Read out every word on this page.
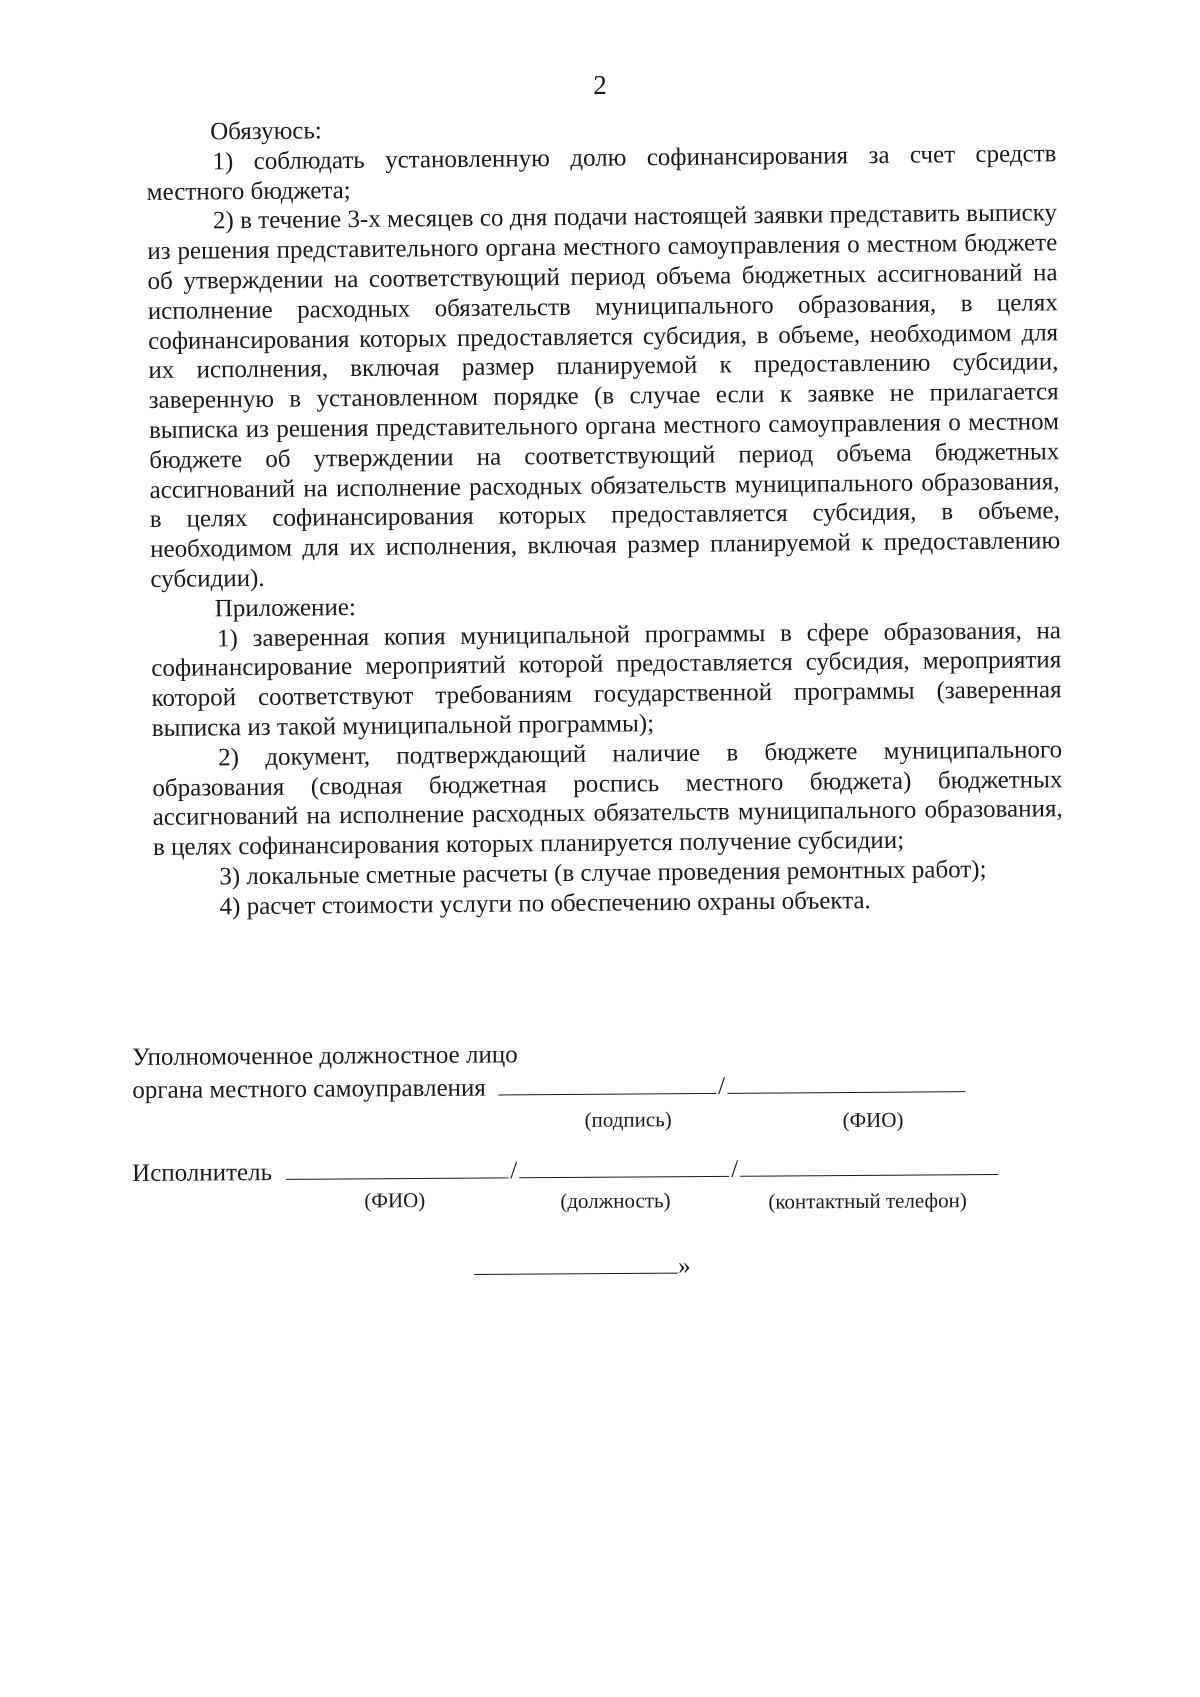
2

Обязуюсь:

1) соблюдать установленную долю софинансирования за счет средств местного бюджета;

2) в течение 3-х месяцев со дня подачи настоящей заявки представить выписку из решения представительного органа местного самоуправления о местном бюджете об утверждении на соответствующий период объема бюджетных ассигнований на исполнение расходных обязательств муниципального образования, в целях софинансирования которых предоставляется субсидия, в объеме, необходимом для их исполнения, включая размер планируемой к предоставлению субсидии, заверенную в установленном порядке (в случае если к заявке не прилагается выписка из решения представительного органа местного самоуправления о местном бюджете об утверждении на соответствующий период объема бюджетных ассигнований на исполнение расходных обязательств муниципального образования, в целях софинансирования которых предоставляется субсидия, в объеме, необходимом для их исполнения, включая размер планируемой к предоставлению субсидии).

Приложение:

1) заверенная копия муниципальной программы в сфере образования, на софинансирование мероприятий которой предоставляется субсидия, мероприятия которой соответствуют требованиям государственной программы (заверенная выписка из такой муниципальной программы);

2) документ, подтверждающий наличие в бюджете муниципального образования (сводная бюджетная роспись местного бюджета) бюджетных ассигнований на исполнение расходных обязательств муниципального образования, в целях софинансирования которых планируется получение субсидии;

3) локальные сметные расчеты (в случае проведения ремонтных работ);

4) расчет стоимости услуги по обеспечению охраны объекта.

Уполномоченное должностное лицо
органа местного самоуправления	/
(подпись)	(ФИО)
Исполнитель	/	/
(ФИО)	(должность)	(контактный телефон)
»
